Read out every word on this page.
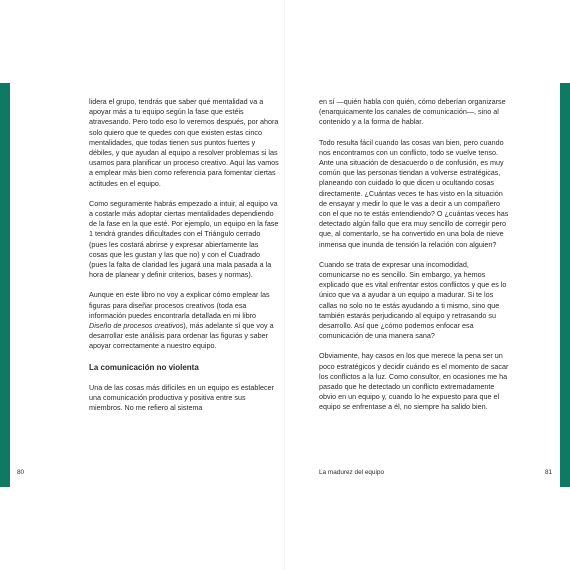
lidera el grupo, tendrás que saber qué mentalidad va a apoyar más a tu equipo según la fase que estéis atravesando. Pero todo eso lo veremos después, por ahora solo quiero que te quedes con que existen estas cinco mentalidades, que todas tienen sus puntos fuertes y débiles, y que ayudan al equipo a resolver problemas si las usamos para planificar un proceso creativo. Aquí las vamos a emplear más bien como referencia para fomentar ciertas actitudes en el equipo.

Como seguramente habrás empezado a intuir, al equipo va a costarle más adoptar ciertas mentalidades dependiendo de la fase en la que esté. Por ejemplo, un equipo en la fase 1 tendrá grandes dificultades con el Triángulo cerrado (pues les costará abrirse y expresar abiertamente las cosas que les gustan y las que no) y con el Cuadrado (pues la falta de claridad les jugará una mala pasada a la hora de planear y definir criterios, bases y normas).

Aunque en este libro no voy a explicar cómo emplear las figuras para diseñar procesos creativos (toda esa información puedes encontrarla detallada en mi libro Diseño de procesos creativos), más adelante sí que voy a desarrollar este análisis para ordenar las figuras y saber apoyar correctamente a nuestro equipo.

La comunicación no violenta

Una de las cosas más difíciles en un equipo es establecer una comunicación productiva y positiva entre sus miembros. No me refiero al sistema

en sí —quién habla con quién, cómo deberían organizarse (enarquicamente los canales de comunicación—, sino al contenido y a la forma de hablar.

Todo resulta fácil cuando las cosas van bien, pero cuando nos encontramos con un conflicto, todo se vuelve tenso. Ante una situación de desacuerdo o de confusión, es muy común que las personas tiendan a volverse estratégicas, planeando con cuidado lo que dicen u ocultando cosas directamente. ¿Cuántas veces te has visto en la situación de ensayar y medir lo que le vas a decir a un compañero con el que no te estás entendiendo? O ¿cuántas veces has detectado algún fallo que era muy sencillo de corregir pero que, al comentarlo, se ha convertido en una bola de nieve inmensa que inunda de tensión la relación con alguien?

Cuando se trata de expresar una incomodidad, comunicarse no es sencillo. Sin embargo, ya hemos explicado que es vital enfrentar estos conflictos y que es lo único que va a ayudar a un equipo a madurar. Si te los callas no solo no te estás ayudando a ti mismo, sino que también estarás perjudicando al equipo y retrasando su desarrollo. Así que ¿cómo podemos enfocar esa comunicación de una manera sana?

Obviamente, hay casos en los que merece la pena ser un poco estratégicos y decidir cuándo es el momento de sacar los conflictos a la luz. Como consultor, en ocasiones me ha pasado que he detectado un conflicto extremadamente obvio en un equipo y, cuando lo he expuesto para que el equipo se enfrentase a él, no siempre ha salido bien.

80	La madurez del equipo	81
